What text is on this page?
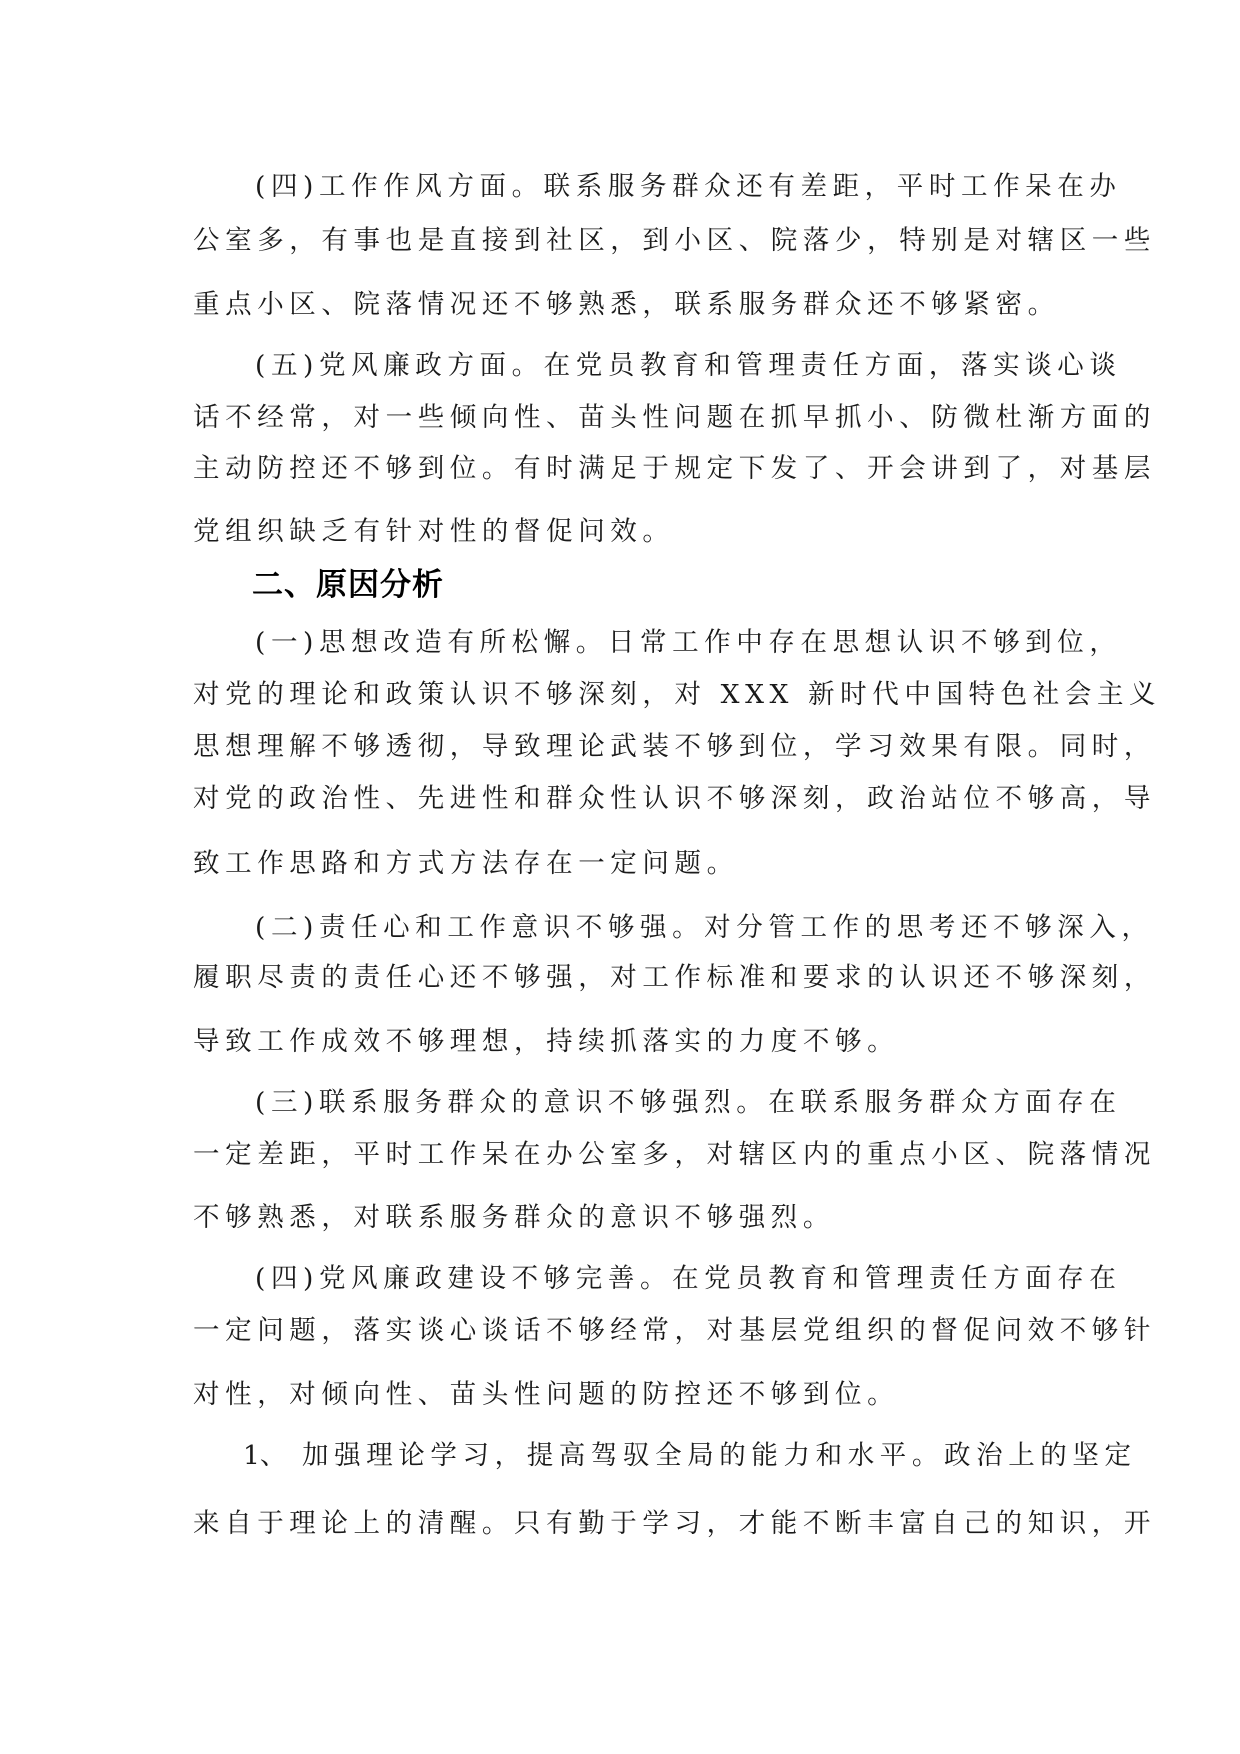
(四)工作作风方面。联系服务群众还有差距，平时工作呆在办
公室多，有事也是直接到社区，到小区、院落少，特别是对辖区一些
重点小区、院落情况还不够熟悉，联系服务群众还不够紧密。
(五)党风廉政方面。在党员教育和管理责任方面，落实谈心谈
话不经常，对一些倾向性、苗头性问题在抓早抓小、防微杜渐方面的
主动防控还不够到位。有时满足于规定下发了、开会讲到了，对基层
党组织缺乏有针对性的督促问效。
二、原因分析
(一)思想改造有所松懈。日常工作中存在思想认识不够到位，
对党的理论和政策认识不够深刻，对 XXX 新时代中国特色社会主义
思想理解不够透彻，导致理论武装不够到位，学习效果有限。同时，
对党的政治性、先进性和群众性认识不够深刻，政治站位不够高，导
致工作思路和方式方法存在一定问题。
(二)责任心和工作意识不够强。对分管工作的思考还不够深入，
履职尽责的责任心还不够强，对工作标准和要求的认识还不够深刻，
导致工作成效不够理想，持续抓落实的力度不够。
(三)联系服务群众的意识不够强烈。在联系服务群众方面存在
一定差距，平时工作呆在办公室多，对辖区内的重点小区、院落情况
不够熟悉，对联系服务群众的意识不够强烈。
(四)党风廉政建设不够完善。在党员教育和管理责任方面存在
一定问题，落实谈心谈话不够经常，对基层党组织的督促问效不够针
对性，对倾向性、苗头性问题的防控还不够到位。
1、 加强理论学习，提高驾驭全局的能力和水平。政治上的坚定
来自于理论上的清醒。只有勤于学习，才能不断丰富自己的知识，开
